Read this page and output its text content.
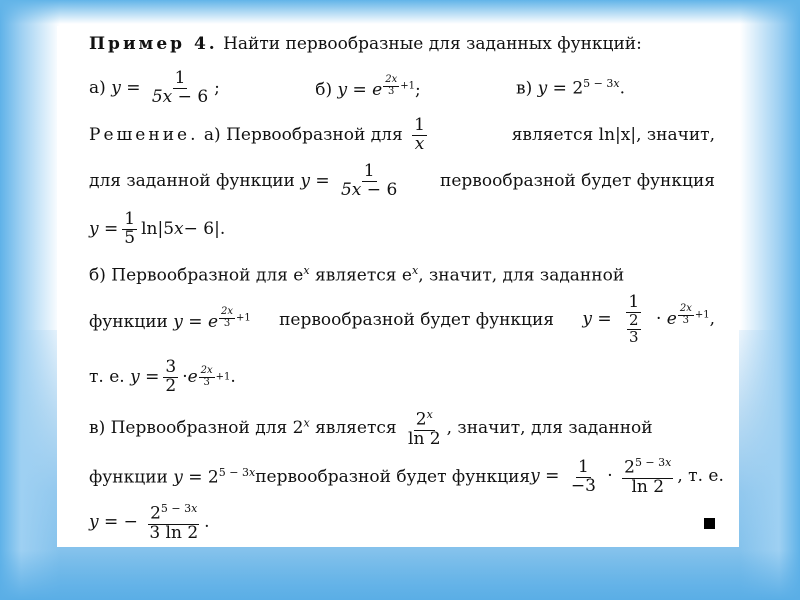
Пример 4.
Найти первообразные для заданных функций:
а) $y = \frac{1}{5x - 6}$ ;	б) y = e $\frac{2x}{3} +1$;	в) $y = 2^{5 - 3x}$.
Решение. а) Первообразной для $\frac{1}{x}$	является ln|x|, значит,
для заданной функции $y = \frac{1}{5x - 6}$ первообразной будет функция
$y = \frac{1}{5} \ln|5$ x − 6|.
б) Первообразной для $e^x$ является $e^x$, значит, для заданной
функции y = e $\frac{2x}{3} +1$ первообразной будет функция $y = \frac{1}{\frac{2}{3}} \cdot e \frac{2x}{3} +1$,
т. е.
$y = \frac{3}{2} \cdot e \frac{2x}{3} +1$ .
в) Первообразной для 2$^x$ является $\frac{2^x}{\ln 2}$ , значит, для заданной
функции $y = 2^{5 - 3x}$ первообразной будет функция $y = \frac{1}{-3} \cdot \frac{2^{5 - 3x}}{\ln 2}$ , т. е.
y = − $\frac{2^{5 - 3x}}{3 \ln 2}$ .
